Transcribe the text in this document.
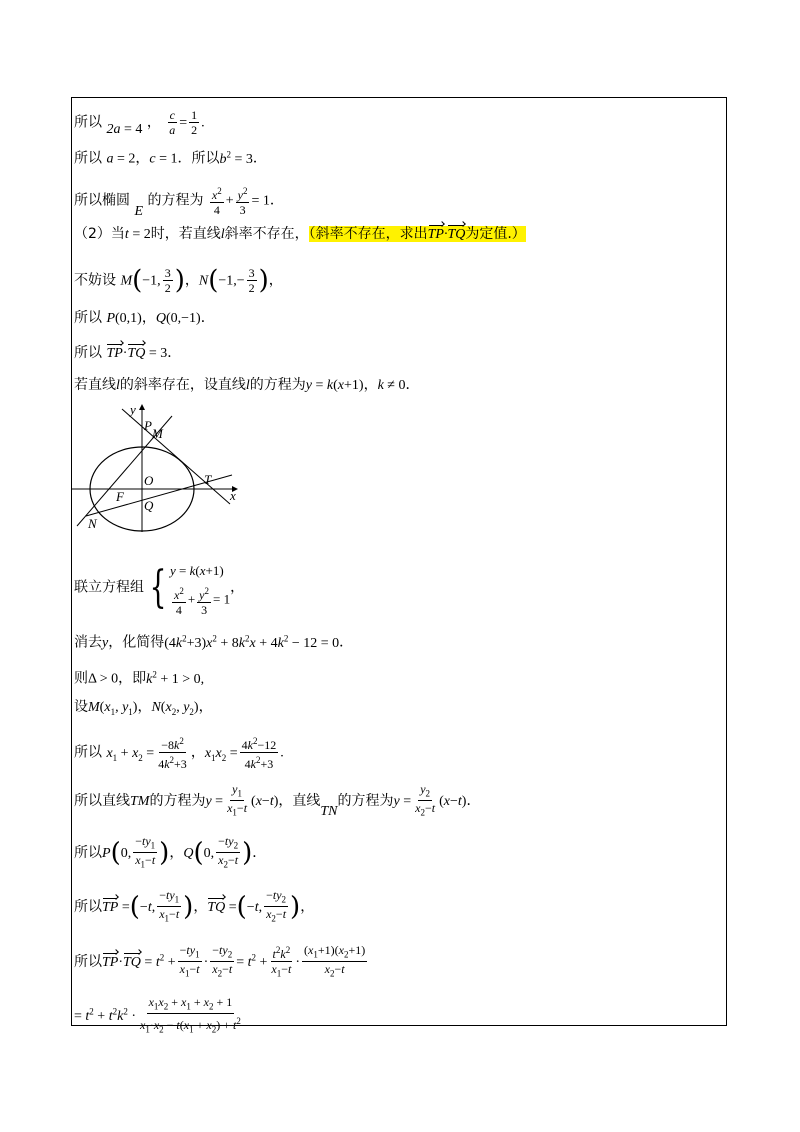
所以 2a = 4 ， $\frac{c}{a} = \frac{1}{2}$ .
所以 a = 2，c = 1．所以$b^2 = 3$．
所以椭圆 E 的方程为 $\frac{x^2}{4} + \frac{y^2}{3} = 1$．
（2）当t = 2时，若直线l斜率不存在，（斜率不存在，求出TP·TQ为定值.）
不妨设 M(−1, $\frac{3}{2}$ )，$N(-1,- \frac{3}{2}$ )，
所以 P(0,1)，Q(0,−1)．
所以 TP·TQ = 3．
若直线l的斜率存在，设直线l的方程为y = k(x+1)，k ≠ 0．
y
x
P
M
O	T
F
Q
N
联立方程组 { y = k(x+1)
$\frac{x^2}{4} + \frac{y^2}{3} = 1$
，
消去y，化简得$(4k^2+3)x^2 + 8k^2x + 4k^2 - 12 = 0$．
则Δ > 0，即$k^2 + 1 > 0$,
设$M(x_1$, $y_1$)，$N(x_2$, $y_2$)，
所以 $x_1 + x_2 = \frac{-8k^2}{4k^2+3}$ ，$x_1x_2 = \frac{4k^2-12}{4k^2+3}$ .
所以直线TM的方程为$y = \frac{y_1}{x_1-t} (x-t)$，直线TN的方程为$y = \frac{y_2}{x_2-t} (x-t)$．
所以P(0, $\frac{-ty_1}{x_1-t}$ )，Q(0, $\frac{-ty_2}{x_2-t}$ )．
所以TP =(−t, $\frac{-ty_1}{x_1-t}$ )，TQ =(−t, $\frac{-ty_2}{x_2-t}$ )，
所以$TP\cdot TQ = t^2 + \frac{-ty_1}{x_1-t} \cdot \frac{-ty_2}{x_2-t} = t^2 + \frac{t^2k^2}{x_1-t} \cdot \frac{(x_1+1)(x_2+1)}{x_2-t}$
= $t^2 + t^2k^2 \cdot \frac{x_1x_2 + x_1 + x_2 + 1}{x_1\cdot x_2 - t(x_1 + x_2) + t^2}$
